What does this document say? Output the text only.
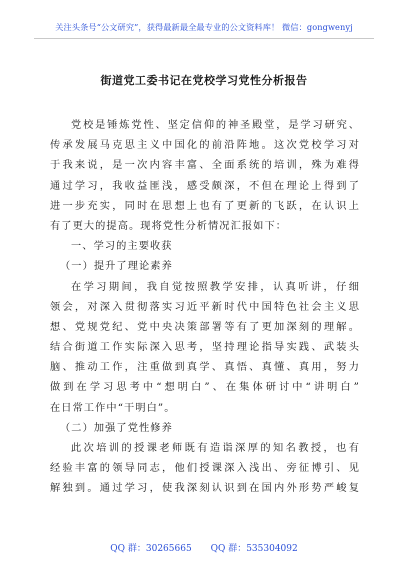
关注头条号“公文研究”，获得最新最全最专业的公文资料库！ 微信：gongwenyj
街道党工委书记在党校学习党性分析报告
党校是锤炼党性、坚定信仰的神圣殿堂，是学习研究、
传承发展马克思主义中国化的前沿阵地。这次党校学习对
于我来说，是一次内容丰富、全面系统的培训，殊为难得
通过学习，我收益匪浅，感受颇深，不但在理论上得到了
进一步充实，同时在思想上也有了更新的飞跃，在认识上
有了更大的提高。现将党性分析情况汇报如下：
一、学习的主要收获
（一）提升了理论素养
在学习期间，我自觉按照教学安排，认真听讲，仔细
领会，对深入贯彻落实习近平新时代中国特色社会主义思
想、党规党纪、党中央决策部署等有了更加深刻的理解。
结合街道工作实际深入思考，坚持理论指导实践、武装头
脑、推动工作，注重做到真学、真悟、真懂、真用，努力
做到在学习思考中“想明白”、在集体研讨中“讲明白”
在日常工作中“干明白”。
（二）加强了党性修养
此次培训的授课老师既有造诣深厚的知名教授，也有
经验丰富的领导同志，他们授课深入浅出、旁征博引、见
解独到。通过学习，使我深刻认识到在国内外形势严峻复
QQ 群：30265665 QQ 群：535304092
